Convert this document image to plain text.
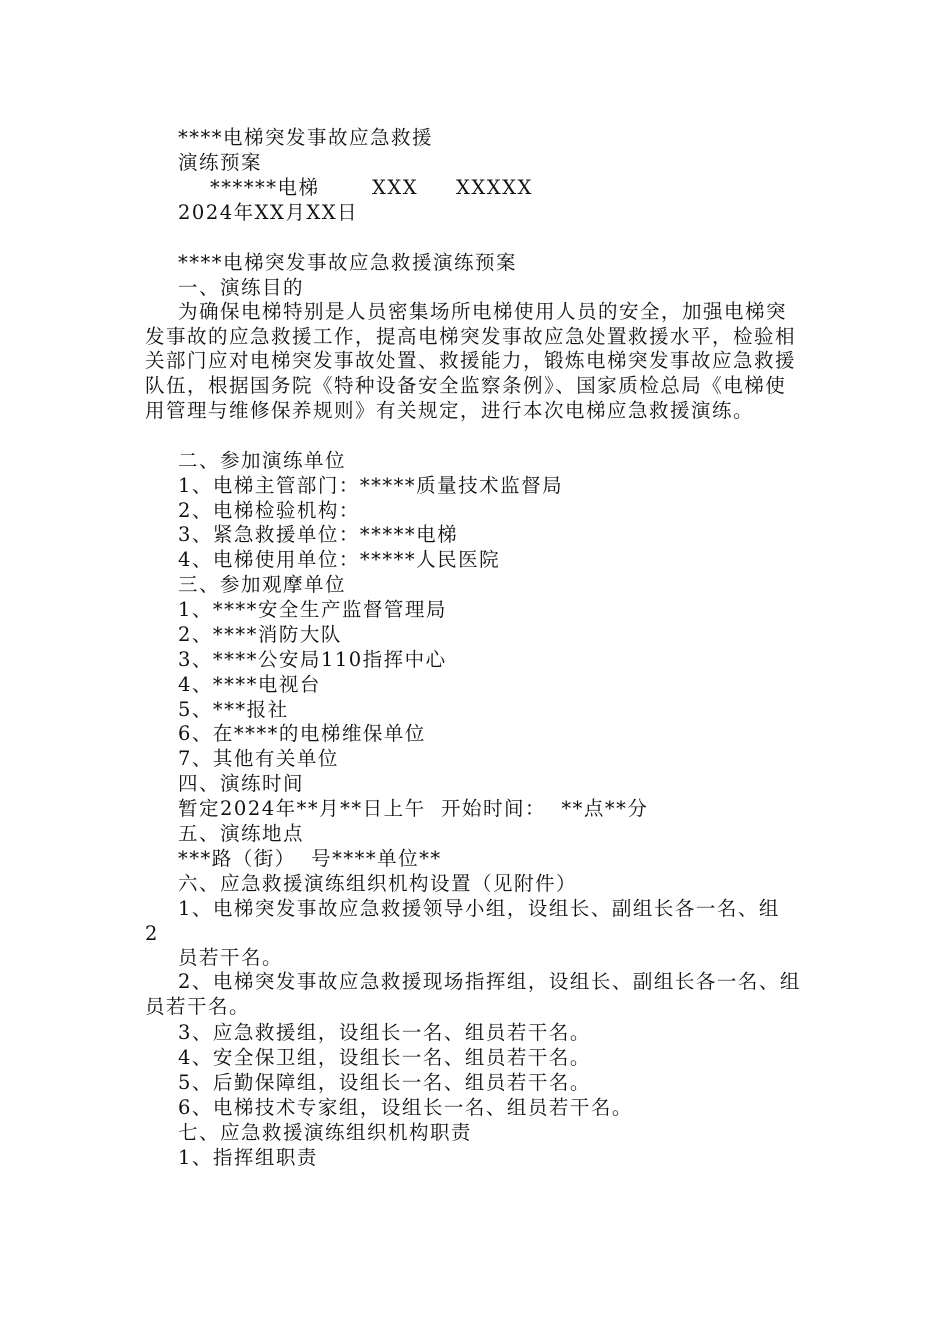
****电梯突发事故应急救援
演练预案
******电梯	XXX XXXXX
2024年XX月XX日
****电梯突发事故应急救援演练预案
一、演练目的

为确保电梯特别是人员密集场所电梯使用人员的安全，加强电梯突发事故的应急救援工作，提高电梯突发事故应急处置救援水平，检验相关部门应对电梯突发事故处置、救援能力，锻炼电梯突发事故应急救援队伍，根据国务院《特种设备安全监察条例》、国家质检总局《电梯使用管理与维修保养规则》有关规定，进行本次电梯应急救援演练。

二、参加演练单位
1、电梯主管部门：*****质量技术监督局
2、电梯检验机构：
3、紧急救援单位：*****电梯
4、电梯使用单位：*****人民医院
三、参加观摩单位
1、****安全生产监督管理局
2、****消防大队
3、****公安局110指挥中心
4、****电视台
5、***报社
6、在****的电梯维保单位
7、其他有关单位
四、演练时间
暂定2024年**月**日上午  开始时间：  **点**分
五、演练地点
***路（街）  号****单位**
六、应急救援演练组织机构设置（见附件）
1、电梯突发事故应急救援领导小组，设组长、副组长各一名、组
2
员若干名。

2、电梯突发事故应急救援现场指挥组，设组长、副组长各一名、组员若干名。

3、应急救援组，设组长一名、组员若干名。
4、安全保卫组，设组长一名、组员若干名。
5、后勤保障组，设组长一名、组员若干名。
6、电梯技术专家组，设组长一名、组员若干名。
七、应急救援演练组织机构职责
1、指挥组职责
